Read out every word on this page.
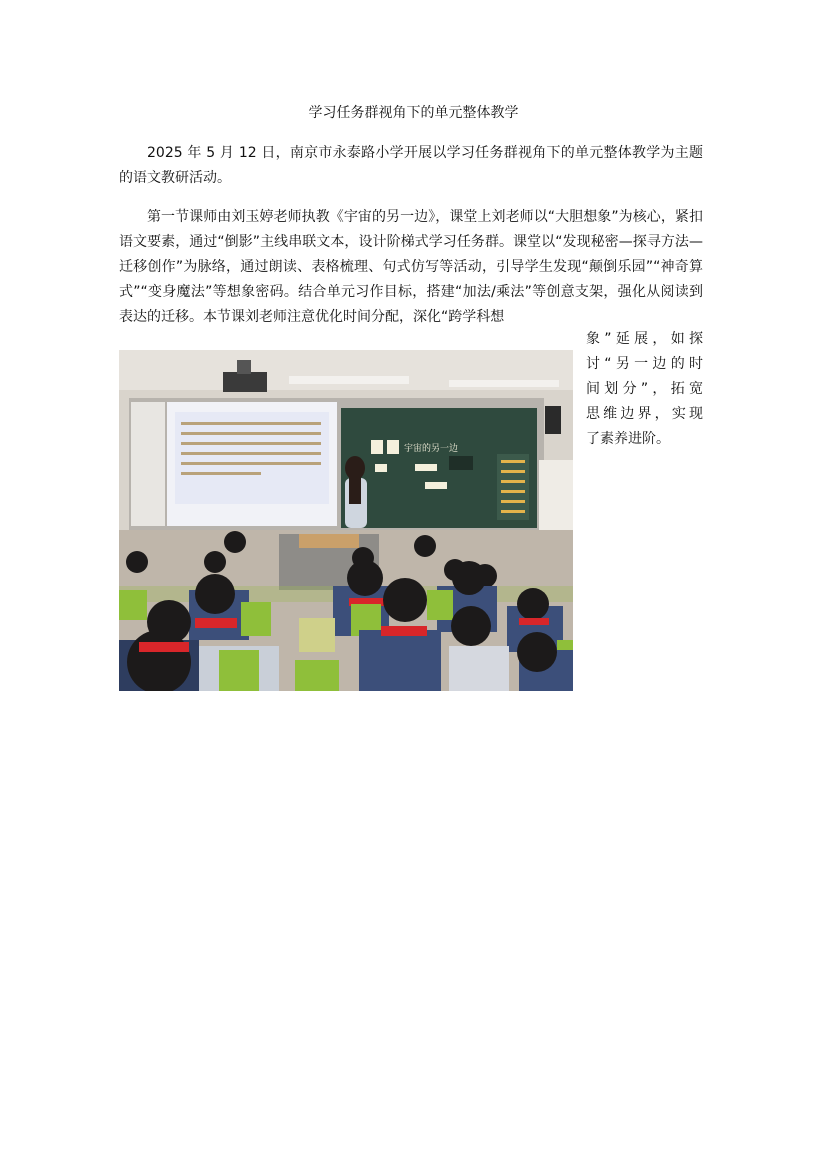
学习任务群视角下的单元整体教学

2025 年 5 月 12 日，南京市永泰路小学开展以学习任务群视角下的单元整体教学为主题的语文教研活动。

第一节课师由刘玉婷老师执教《宇宙的另一边》，课堂上刘老师以“大胆想象”为核心，紧扣语文要素，通过“倒影”主线串联文本，设计阶梯式学习任务群。课堂以“发现秘密—探寻方法—迁移创作”为脉络，通过朗读、表格梳理、句式仿写等活动，引导学生发现“颠倒乐园”“神奇算式”“变身魔法”等想象密码。结合单元习作目标，搭建“加法/乘法”等创意支架，强化从阅读到表达的迁移。本节课刘老师注意优化时间分配，深化“跨学科想

象”延展，如探
讨“另一边的时
间划分”，拓宽
思维边界，实现
了素养进阶。

宇宙的另一边
